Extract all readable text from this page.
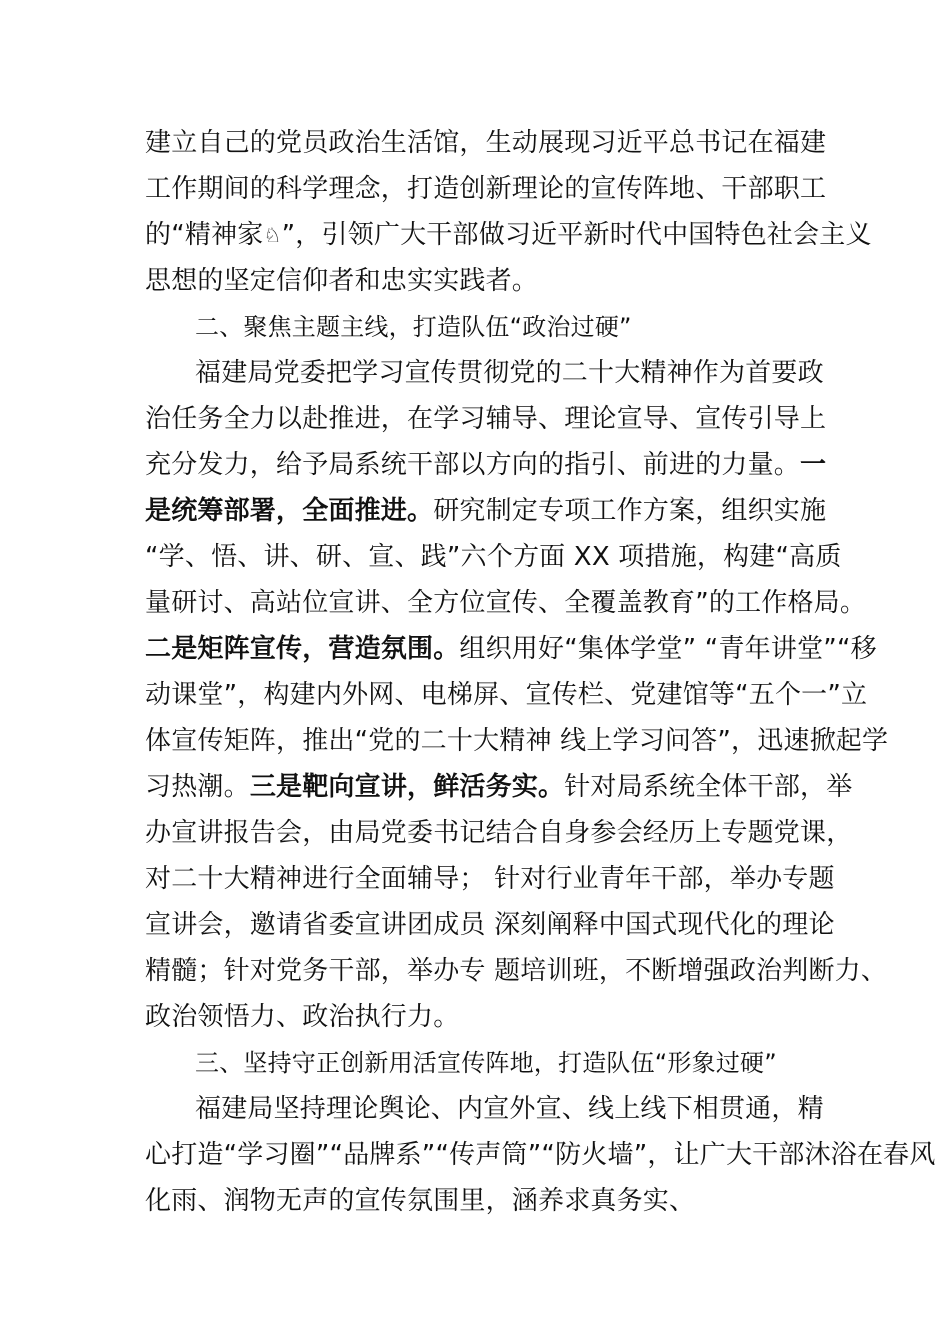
建立自己的党员政治生活馆，生动展现习近平总书记在福建
工作期间的科学理念，打造创新理论的宣传阵地、干部职工
的“精神家♘”，引领广大干部做习近平新时代中国特色社会主义
思想的坚定信仰者和忠实实践者。
二、聚焦主题主线，打造队伍“政治过硬”
福建局党委把学习宣传贯彻党的二十大精神作为首要政
治任务全力以赴推进，在学习辅导、理论宣导、宣传引导上
充分发力，给予局系统干部以方向的指引、前进的力量。一
是统筹部署，全面推进。研究制定专项工作方案，组织实施
“学、悟、讲、研、宣、践”六个方面 XX 项措施，构建“高质
量研讨、高站位宣讲、全方位宣传、全覆盖教育”的工作格局。
二是矩阵宣传，营造氛围。组织用好“集体学堂” “青年讲堂”“移
动课堂”，构建内外网、电梯屏、宣传栏、党建馆等“五个一”立
体宣传矩阵，推出“党的二十大精神 线上学习问答”，迅速掀起学
习热潮。三是靶向宣讲，鲜活务实。针对局系统全体干部，举
办宣讲报告会，由局党委书记结合自身参会经历上专题党课，
对二十大精神进行全面辅导； 针对行业青年干部，举办专题
宣讲会，邀请省委宣讲团成员 深刻阐释中国式现代化的理论
精髓；针对党务干部，举办专 题培训班，不断增强政治判断力、
政治领悟力、政治执行力。
三、坚持守正创新用活宣传阵地，打造队伍“形象过硬”
福建局坚持理论舆论、内宣外宣、线上线下相贯通，精
心打造“学习圈”“品牌系”“传声筒”“防火墙”，让广大干部沐浴在春风
化雨、润物无声的宣传氛围里，涵养求真务实、
